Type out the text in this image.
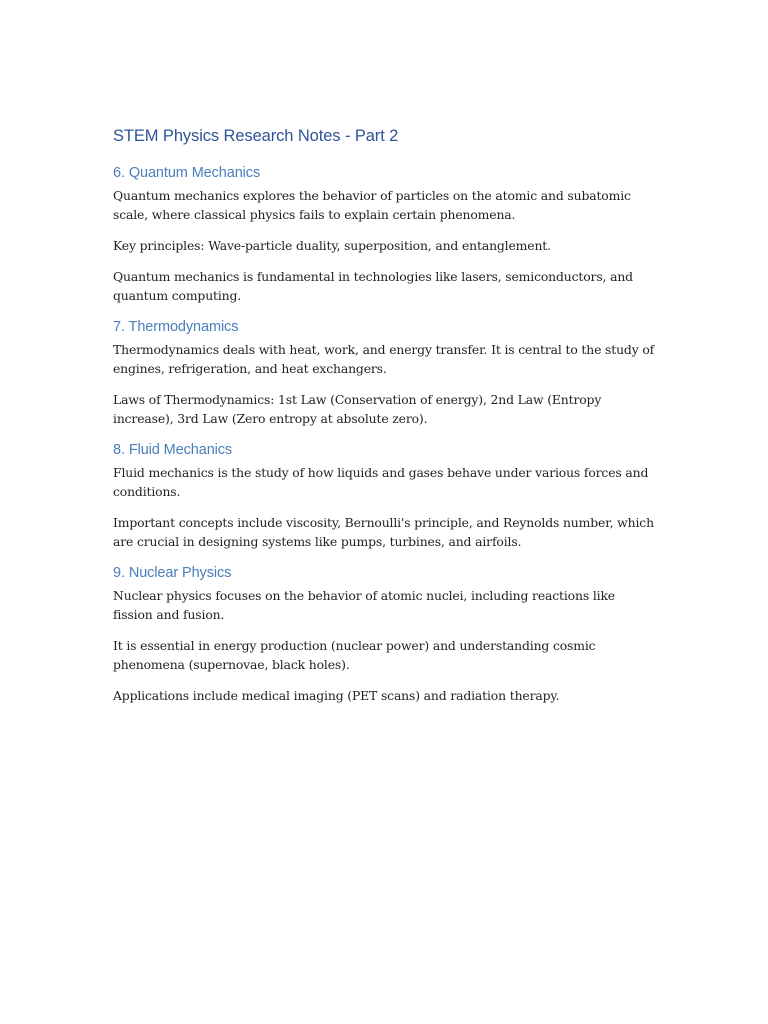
STEM Physics Research Notes - Part 2
6. Quantum Mechanics

Quantum mechanics explores the behavior of particles on the atomic and subatomic scale, where classical physics fails to explain certain phenomena.

Key principles: Wave-particle duality, superposition, and entanglement.

Quantum mechanics is fundamental in technologies like lasers, semiconductors, and quantum computing.

7. Thermodynamics

Thermodynamics deals with heat, work, and energy transfer. It is central to the study of engines, refrigeration, and heat exchangers.

Laws of Thermodynamics: 1st Law (Conservation of energy), 2nd Law (Entropy increase), 3rd Law (Zero entropy at absolute zero).

8. Fluid Mechanics

Fluid mechanics is the study of how liquids and gases behave under various forces and conditions.

Important concepts include viscosity, Bernoulli's principle, and Reynolds number, which are crucial in designing systems like pumps, turbines, and airfoils.

9. Nuclear Physics

Nuclear physics focuses on the behavior of atomic nuclei, including reactions like fission and fusion.

It is essential in energy production (nuclear power) and understanding cosmic phenomena (supernovae, black holes).

Applications include medical imaging (PET scans) and radiation therapy.
